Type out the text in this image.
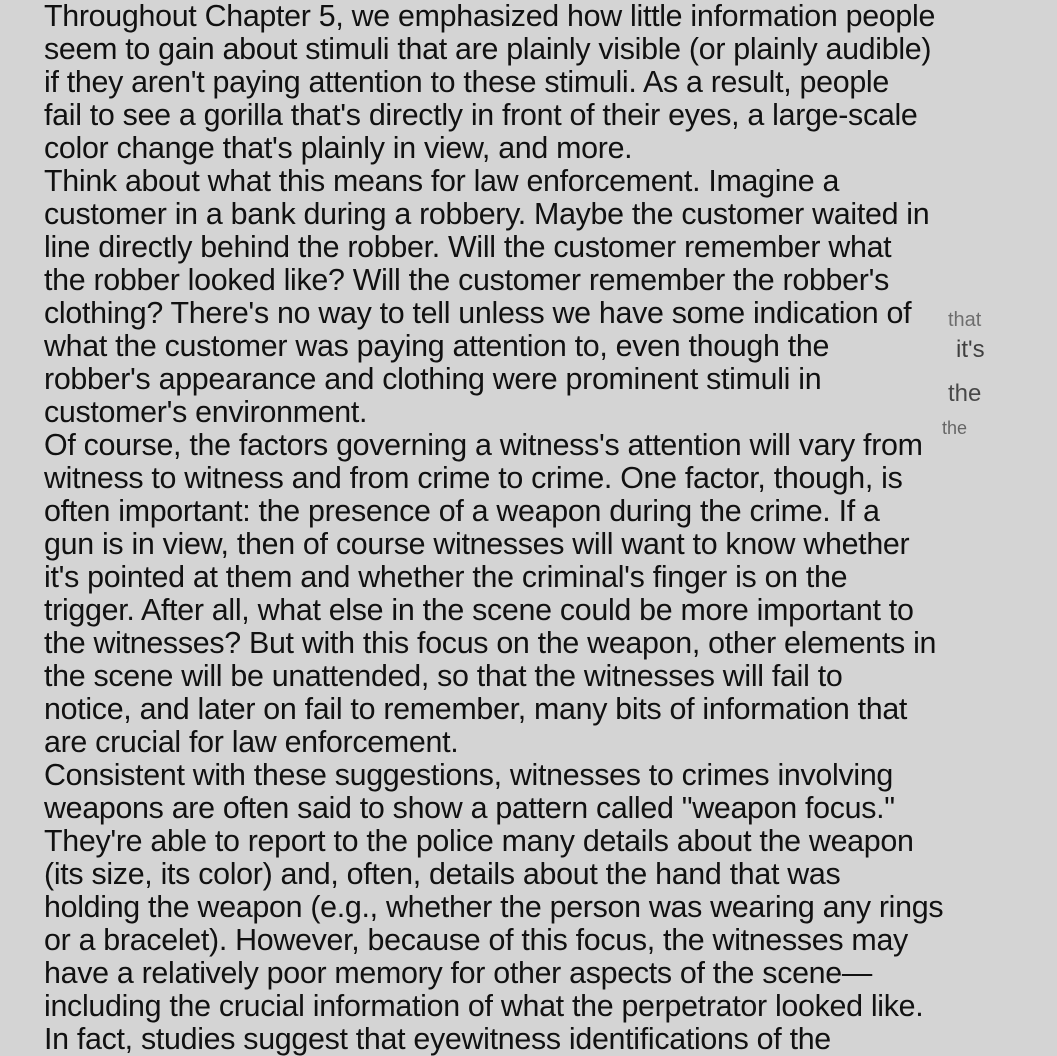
Throughout Chapter 5, we emphasized how little information people
seem to gain about stimuli that are plainly visible (or plainly audible)
if they aren't paying attention to these stimuli. As a result, people
fail to see a gorilla that's directly in front of their eyes, a large-scale
color change that's plainly in view, and more.
Think about what this means for law enforcement. Imagine a
customer in a bank during a robbery. Maybe the customer waited in
line directly behind the robber. Will the customer remember what
the robber looked like? Will the customer remember the robber's
clothing? There's no way to tell unless we have some indication of
what the customer was paying attention to, even though the
robber's appearance and clothing were prominent stimuli in
customer's environment.
Of course, the factors governing a witness's attention will vary from
witness to witness and from crime to crime. One factor, though, is
often important: the presence of a weapon during the crime. If a
gun is in view, then of course witnesses will want to know whether
it's pointed at them and whether the criminal's finger is on the
trigger. After all, what else in the scene could be more important to
the witnesses? But with this focus on the weapon, other elements in
the scene will be unattended, so that the witnesses will fail to
notice, and later on fail to remember, many bits of information that
are crucial for law enforcement.
Consistent with these suggestions, witnesses to crimes involving
weapons are often said to show a pattern called "weapon focus."
They're able to report to the police many details about the weapon
(its size, its color) and, often, details about the hand that was
holding the weapon (e.g., whether the person was wearing any rings
or a bracelet). However, because of this focus, the witnesses may
have a relatively poor memory for other aspects of the scene—
including the crucial information of what the perpetrator looked like.
In fact, studies suggest that eyewitness identifications of the
that
it's
the
the
